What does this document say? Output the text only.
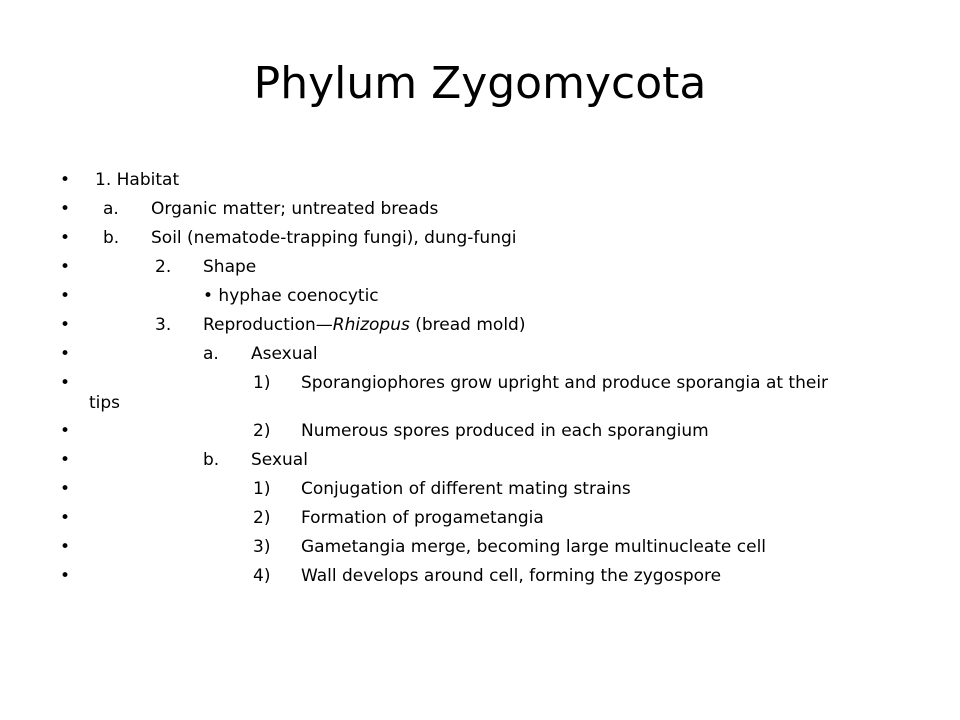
Phylum Zygomycota
• 1. Habitat
•	a. Organic matter; untreated breads
•	b. Soil (nematode-trapping fungi), dung-fungi
•	2. Shape
•	• hyphae coenocytic
•	3. Reproduction—Rhizopus (bread mold)
•	a. Asexual
•	1) Sporangiophores grow upright and produce sporangia at their
tips
•	2) Numerous spores produced in each sporangium
•	b. Sexual
•	1) Conjugation of different mating strains
•	2) Formation of progametangia
•	3) Gametangia merge, becoming large multinucleate cell
•	4) Wall develops around cell, forming the zygospore
